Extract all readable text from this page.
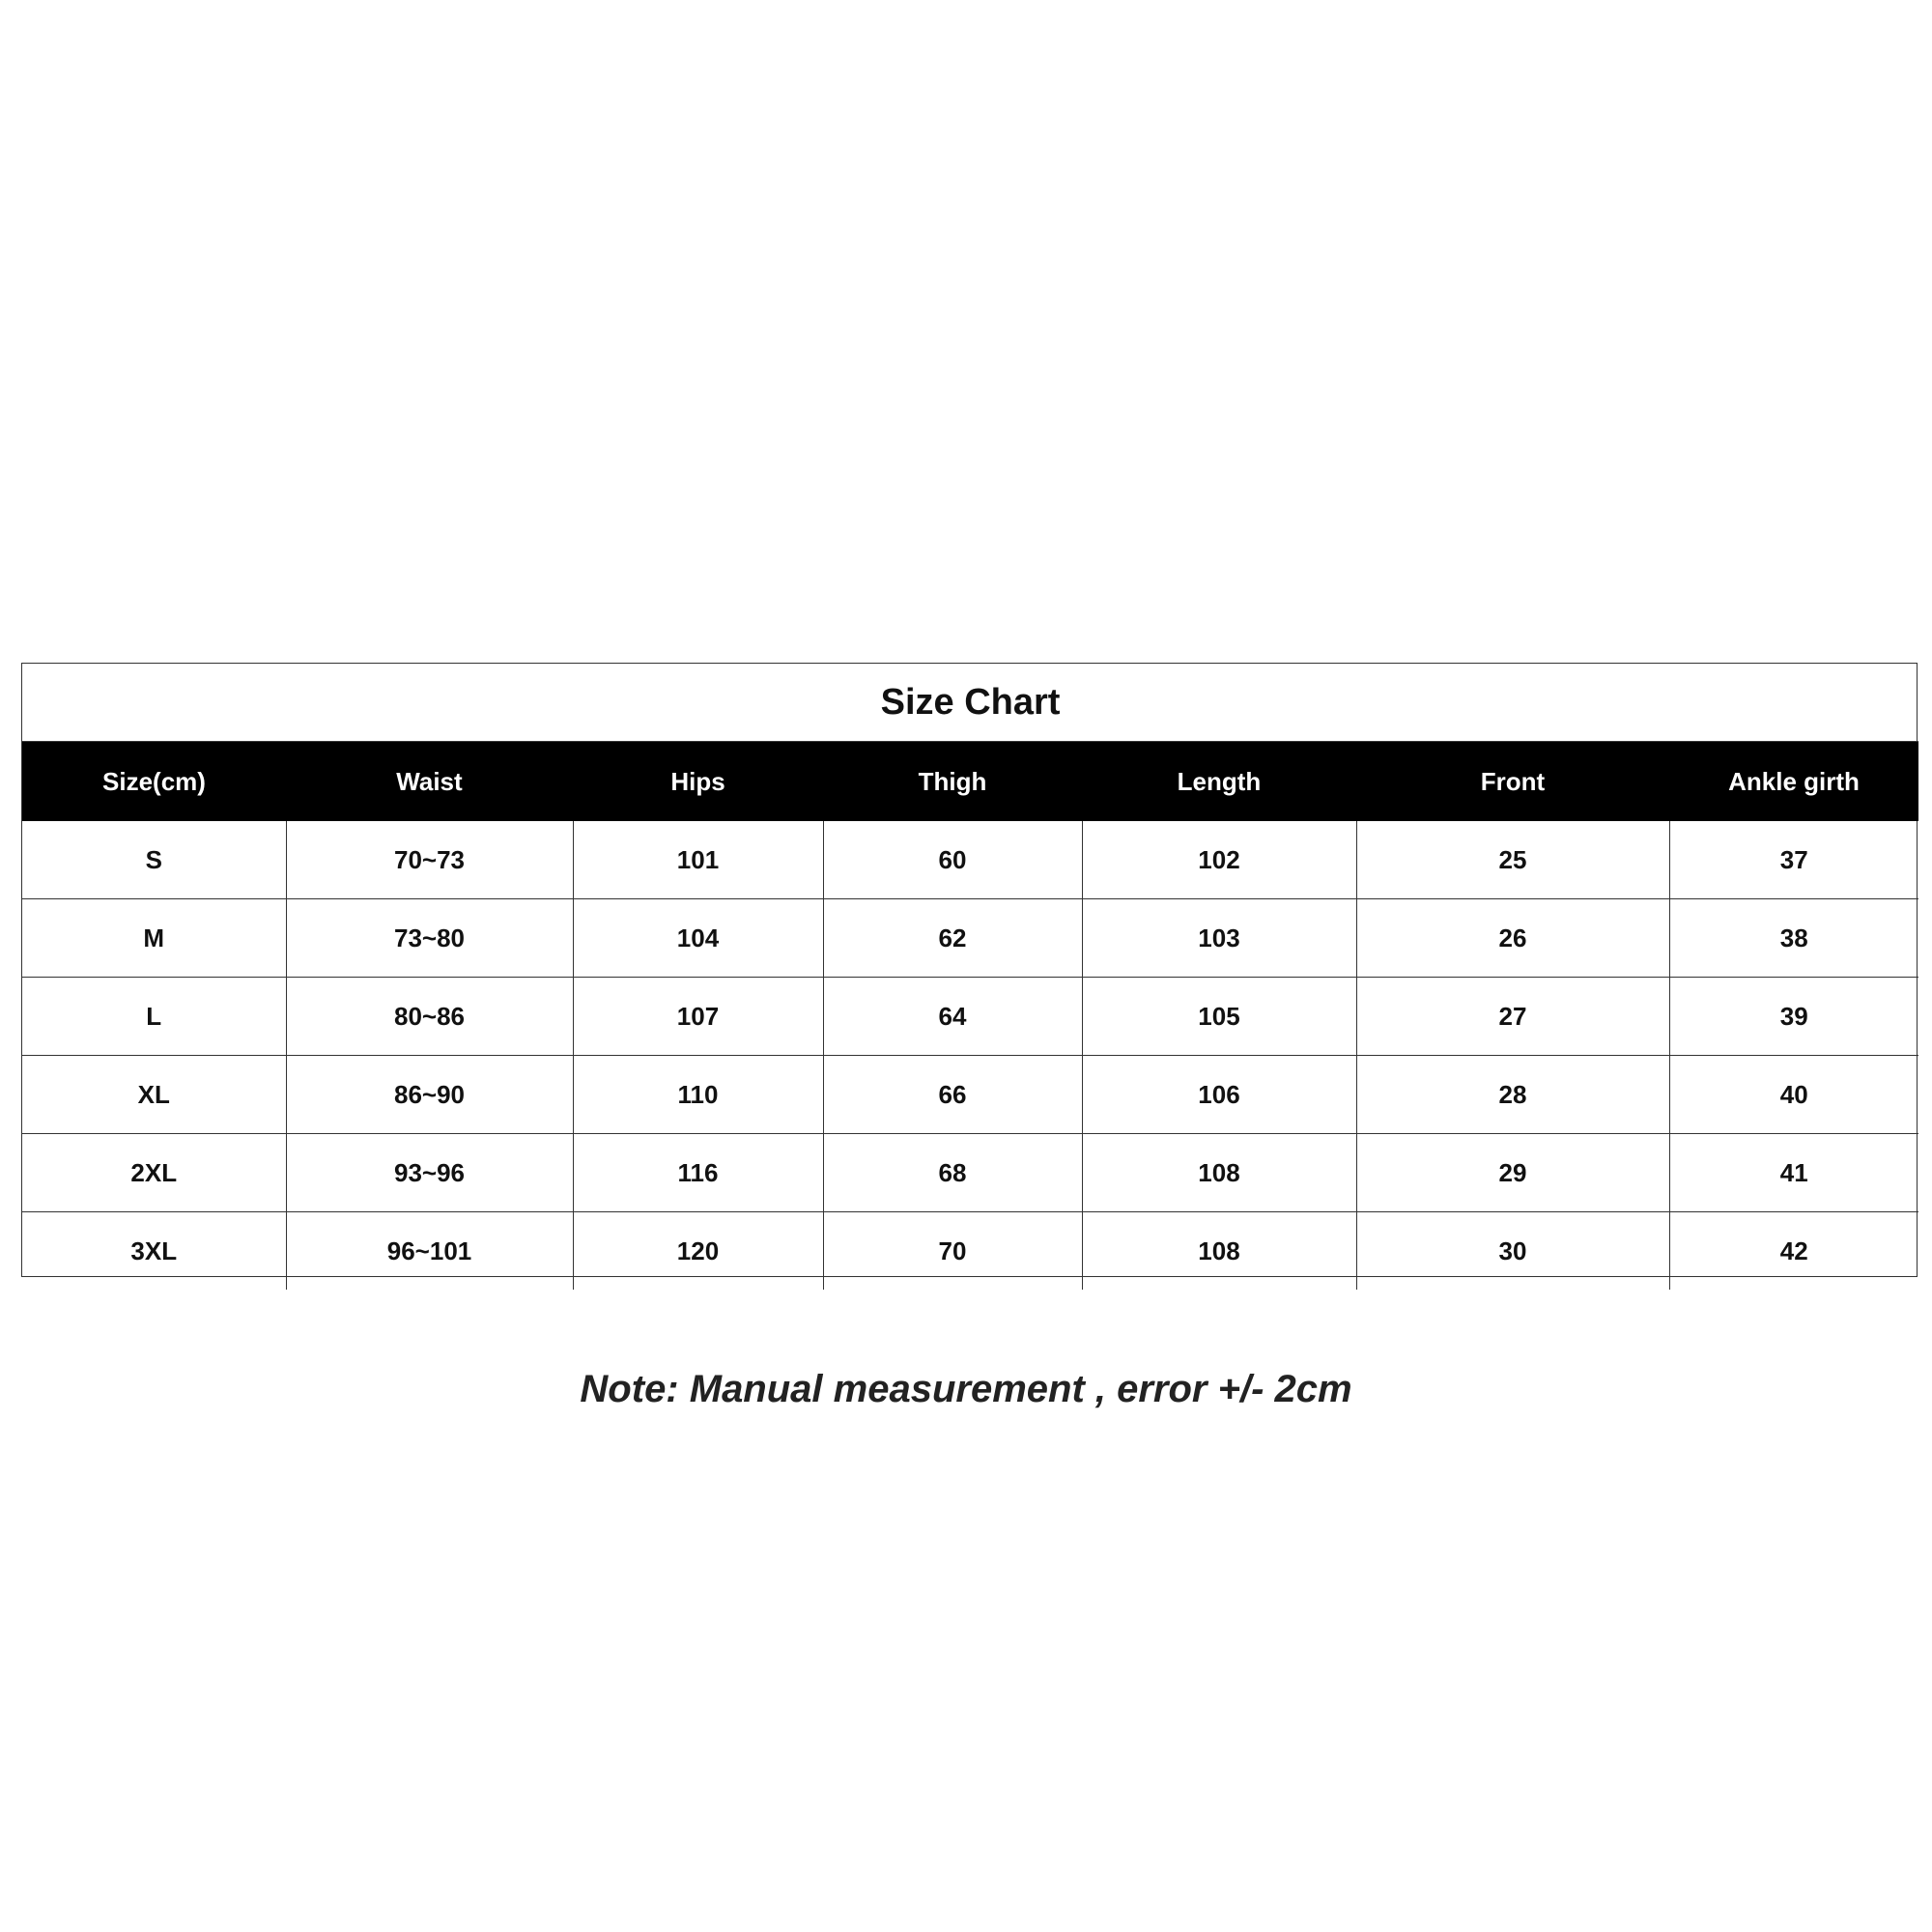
Size Chart						
Size(cm)	Waist	Hips	Thigh	Length	Front	Ankle girth
S	70~73	101	60	102	25	37
M	73~80	104	62	103	26	38
L	80~86	107	64	105	27	39
XL	86~90	110	66	106	28	40
2XL	93~96	116	68	108	29	41
3XL	96~101	120	70	108	30	42
Note: Manual measurement , error +/- 2cm
